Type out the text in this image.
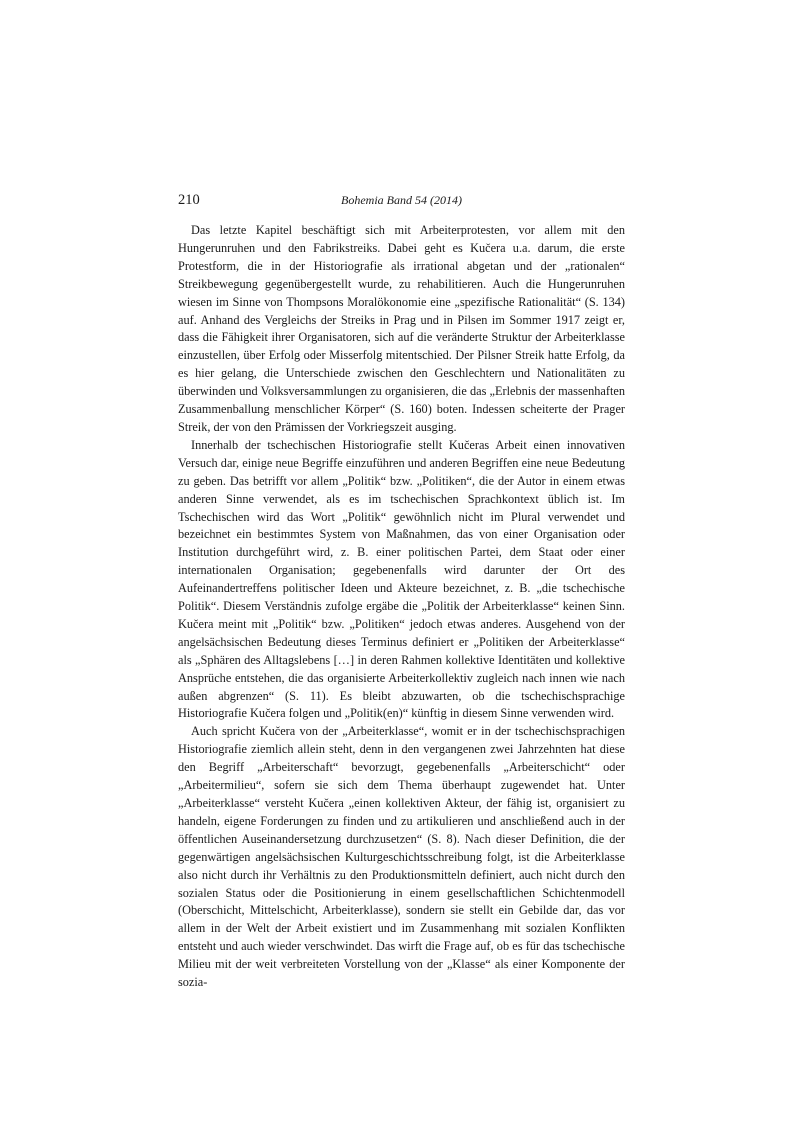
210	Bohemia Band 54 (2014)

Das letzte Kapitel beschäftigt sich mit Arbeiterprotesten, vor allem mit den Hungerunruhen und den Fabrikstreiks. Dabei geht es Kučera u.a. darum, die erste Protestform, die in der Historiografie als irrational abgetan und der „rationalen“ Streikbewegung gegenübergestellt wurde, zu rehabilitieren. Auch die Hungerunruhen wiesen im Sinne von Thompsons Moralökonomie eine „spezifische Rationalität“ (S. 134) auf. Anhand des Vergleichs der Streiks in Prag und in Pilsen im Sommer 1917 zeigt er, dass die Fähigkeit ihrer Organisatoren, sich auf die veränderte Struktur der Arbeiterklasse einzustellen, über Erfolg oder Misserfolg mitentschied. Der Pilsner Streik hatte Erfolg, da es hier gelang, die Unterschiede zwischen den Geschlechtern und Nationalitäten zu überwinden und Volksversammlungen zu organisieren, die das „Erlebnis der massenhaften Zusammenballung menschlicher Körper“ (S. 160) boten. Indessen scheiterte der Prager Streik, der von den Prämissen der Vorkriegszeit ausging.

Innerhalb der tschechischen Historiografie stellt Kučeras Arbeit einen innovativen Versuch dar, einige neue Begriffe einzuführen und anderen Begriffen eine neue Bedeutung zu geben. Das betrifft vor allem „Politik“ bzw. „Politiken“, die der Autor in einem etwas anderen Sinne verwendet, als es im tschechischen Sprachkontext üblich ist. Im Tschechischen wird das Wort „Politik“ gewöhnlich nicht im Plural verwendet und bezeichnet ein bestimmtes System von Maßnahmen, das von einer Organisation oder Institution durchgeführt wird, z. B. einer politischen Partei, dem Staat oder einer internationalen Organisation; gegebenenfalls wird darunter der Ort des Aufeinandertreffens politischer Ideen und Akteure bezeichnet, z. B. „die tschechische Politik“. Diesem Verständnis zufolge ergäbe die „Politik der Arbeiterklasse“ keinen Sinn. Kučera meint mit „Politik“ bzw. „Politiken“ jedoch etwas anderes. Ausgehend von der angelsächsischen Bedeutung dieses Terminus definiert er „Politiken der Arbeiterklasse“ als „Sphären des Alltagslebens […] in deren Rahmen kollektive Identitäten und kollektive Ansprüche entstehen, die das organisierte Arbeiterkollektiv zugleich nach innen wie nach außen abgrenzen“ (S. 11). Es bleibt abzuwarten, ob die tschechischsprachige Historiografie Kučera folgen und „Politik(en)“ künftig in diesem Sinne verwenden wird.

Auch spricht Kučera von der „Arbeiterklasse“, womit er in der tschechischsprachigen Historiografie ziemlich allein steht, denn in den vergangenen zwei Jahrzehnten hat diese den Begriff „Arbeiterschaft“ bevorzugt, gegebenenfalls „Arbeiterschicht“ oder „Arbeitermilieu“, sofern sie sich dem Thema überhaupt zugewendet hat. Unter „Arbeiterklasse“ versteht Kučera „einen kollektiven Akteur, der fähig ist, organisiert zu handeln, eigene Forderungen zu finden und zu artikulieren und anschließend auch in der öffentlichen Auseinandersetzung durchzusetzen“ (S. 8). Nach dieser Definition, die der gegenwärtigen angelsächsischen Kulturgeschichtsschreibung folgt, ist die Arbeiterklasse also nicht durch ihr Verhältnis zu den Produktionsmitteln definiert, auch nicht durch den sozialen Status oder die Positionierung in einem gesellschaftlichen Schichtenmodell (Oberschicht, Mittelschicht, Arbeiterklasse), sondern sie stellt ein Gebilde dar, das vor allem in der Welt der Arbeit existiert und im Zusammenhang mit sozialen Konflikten entsteht und auch wieder verschwindet. Das wirft die Frage auf, ob es für das tschechische Milieu mit der weit verbreiteten Vorstellung von der „Klasse“ als einer Komponente der sozia-
